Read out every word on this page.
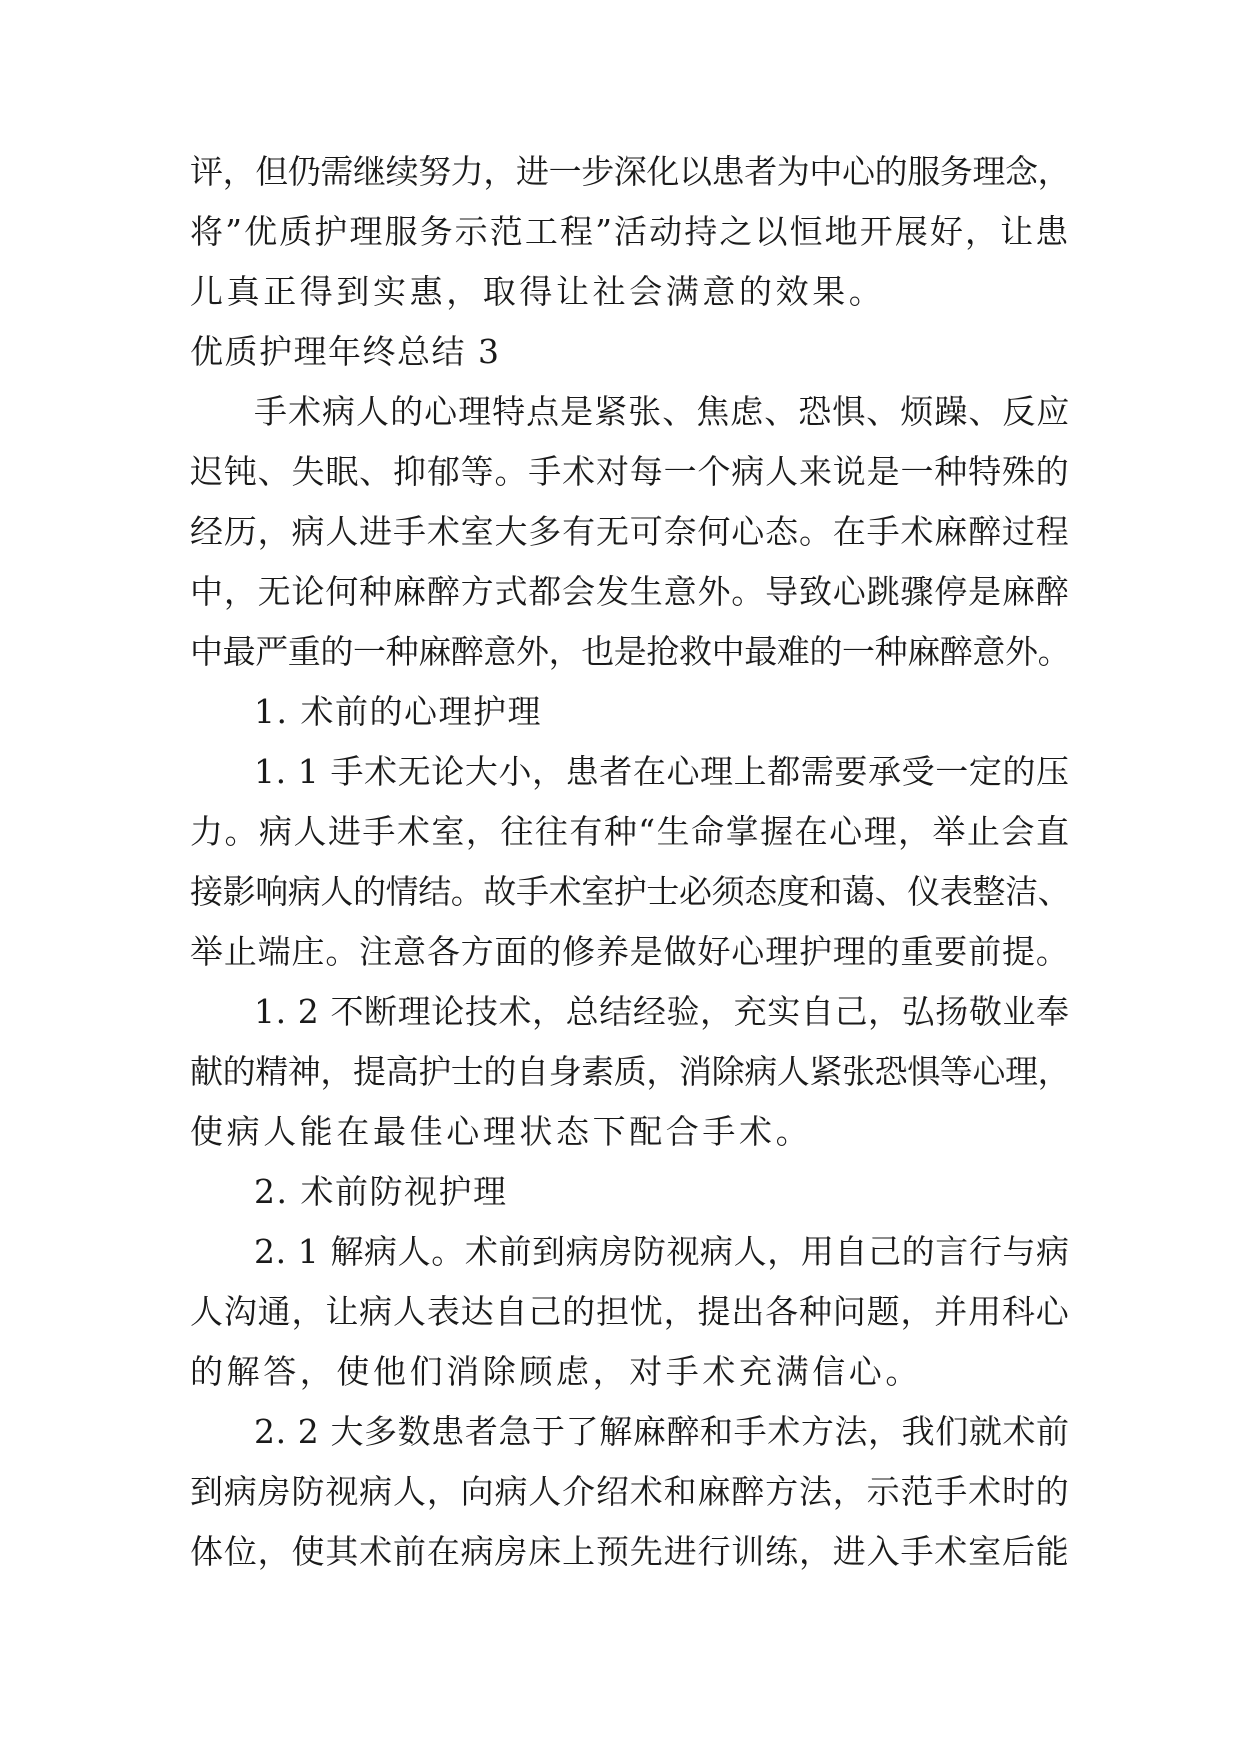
评，但仍需继续努力，进一步深化以患者为中心的服务理念，
将”优质护理服务示范工程”活动持之以恒地开展好，让患
儿真正得到实惠，取得让社会满意的效果。
优质护理年终总结 3
手术病人的心理特点是紧张、焦虑、恐惧、烦躁、反应
迟钝、失眠、抑郁等。手术对每一个病人来说是一种特殊的
经历，病人进手术室大多有无可奈何心态。在手术麻醉过程
中，无论何种麻醉方式都会发生意外。导致心跳骤停是麻醉
中最严重的一种麻醉意外，也是抢救中最难的一种麻醉意外。
1. 术前的心理护理
1. 1 手术无论大小，患者在心理上都需要承受一定的压
力。病人进手术室，往往有种“生命掌握在心理，举止会直
接影响病人的情结。故手术室护士必须态度和蔼、仪表整洁、
举止端庄。注意各方面的修养是做好心理护理的重要前提。
1. 2 不断理论技术，总结经验，充实自己，弘扬敬业奉
献的精神，提高护士的自身素质，消除病人紧张恐惧等心理，
使病人能在最佳心理状态下配合手术。
2. 术前防视护理
2. 1 解病人。术前到病房防视病人，用自己的言行与病
人沟通，让病人表达自己的担忧，提出各种问题，并用科心
的解答，使他们消除顾虑，对手术充满信心。
2. 2 大多数患者急于了解麻醉和手术方法，我们就术前
到病房防视病人，向病人介绍术和麻醉方法，示范手术时的
体位，使其术前在病房床上预先进行训练，进入手术室后能
